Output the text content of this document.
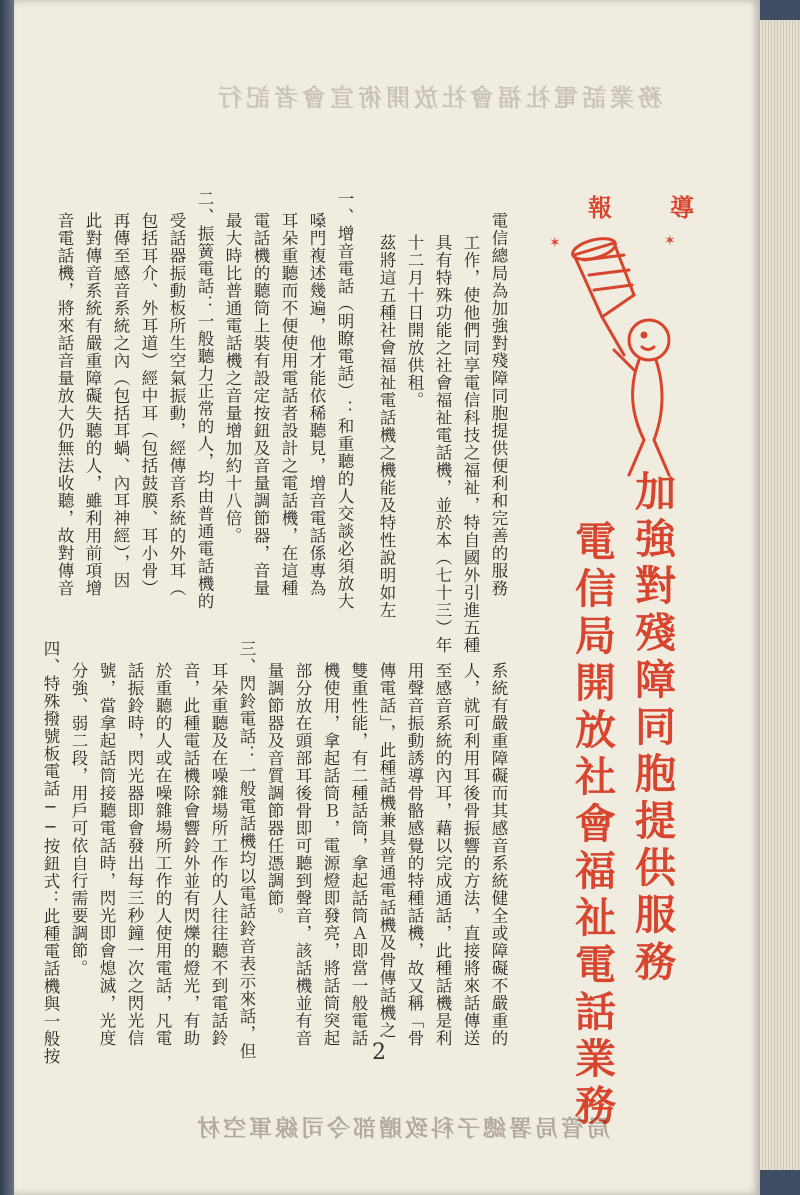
務業話電社福會社放開術宣會者記行
報 導
✶	✶
加強對殘障同胞提供服務
電信局開放社會福祉電話業務
電信總局為加強對殘障同胞提供便利和完善的服務
工作，使他們同享電信科技之福祉，特自國外引進五種
具有特殊功能之社會福祉電話機，並於本（七十三）年
十二月十日開放供租。
茲將這五種社會福祉電話機之機能及特性說明如左
一、增音電話（明瞭電話）：和重聽的人交談必須放大
嗓門複述幾遍，他才能依稀聽見，增音電話係專為
耳朵重聽而不便使用電話者設計之電話機，在這種
電話機的聽筒上裝有設定按鈕及音量調節器，音量
最大時比普通電話機之音量增加約十八倍。
二、振簧電話：一般聽力正常的人，均由普通電話機的
受話器振動板所生空氣振動，經傳音系統的外耳（
包括耳介、外耳道）經中耳（包括鼓膜、耳小骨）
再傳至感音系統之內（包括耳蝸、內耳神經），因
此對傳音系統有嚴重障礙失聽的人，雖利用前項增
音電話機，將來話音量放大仍無法收聽，故對傳音
系統有嚴重障礙而其感音系統健全或障礙不嚴重的
人，就可利用耳後骨振響的方法，直接將來話傳送
至感音系統的內耳，藉以完成通話，此種話機是利
用聲音振動誘導骨骼感覺的特種話機，故又稱「骨
傳電話」，此種話機兼具普通電話機及骨傳話機之
雙重性能，有二種話筒，拿起話筒Ａ即當一般電話
機使用，拿起話筒Ｂ，電源燈即發亮，將話筒突起
部分放在頭部耳後骨即可聽到聲音，該話機並有音
量調節器及音質調節器任憑調節。
三、閃鈴電話：一般電話機均以電話鈴音表示來話，但
耳朵重聽及在噪雜場所工作的人往往聽不到電話鈴
音，此種電話機除會響鈴外並有閃爍的燈光，有助
於重聽的人或在噪雜場所工作的人使用電話，凡電
話振鈴時，閃光器即會發出每三秒鐘一次之閃光信
號，當拿起話筒接聽電話時，閃光即會熄滅，光度
分強、弱二段，用戶可依自行需要調節。
四、特殊撥號板電話──按鈕式：此種電話機與一般按	2
局管局署總子科致贈部令司線軍空材
